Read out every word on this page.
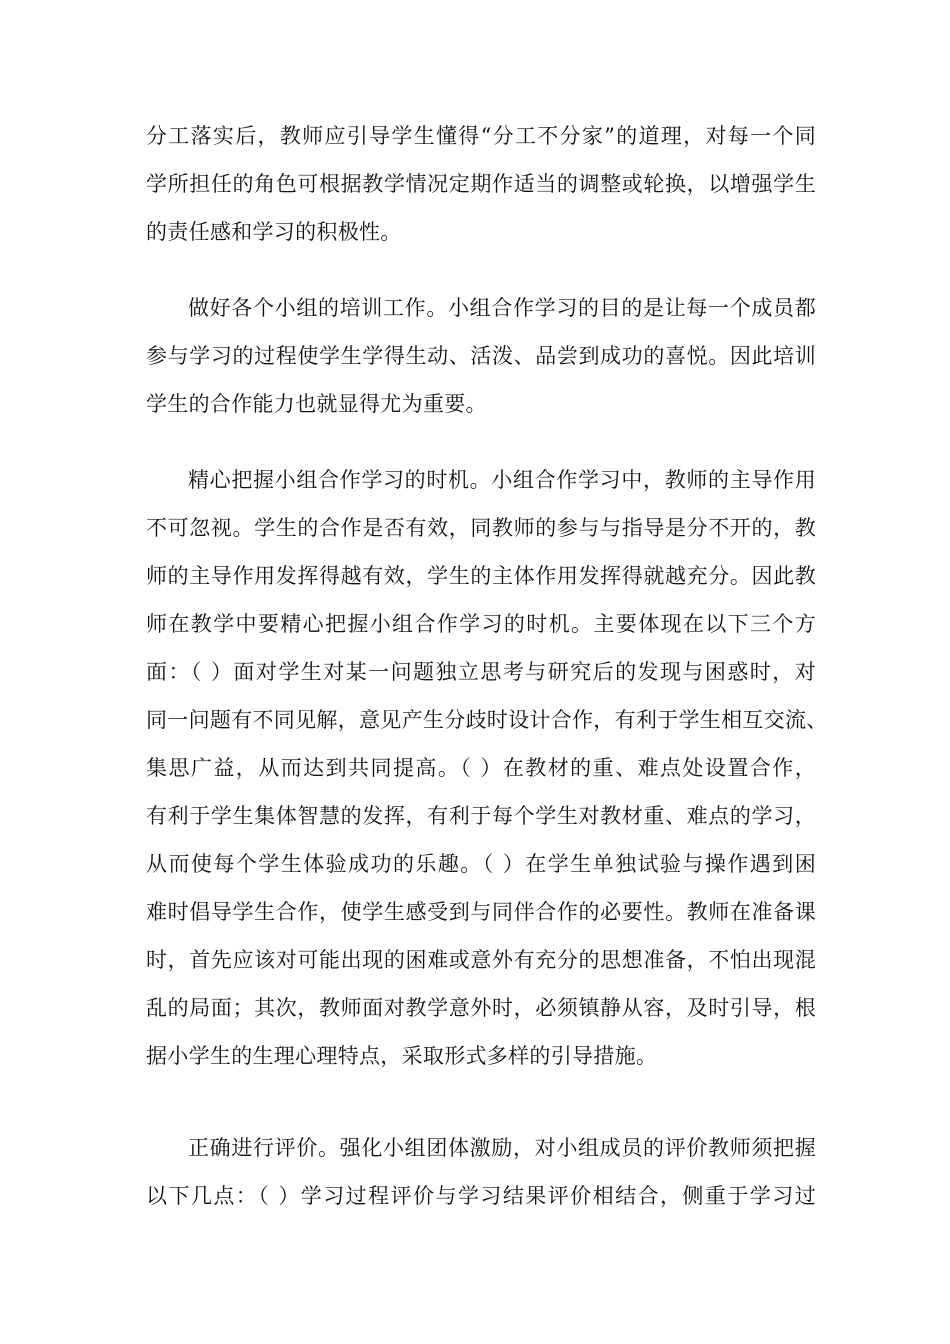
分工落实后，教师应引导学生懂得“分工不分家”的道理，对每一个同
学所担任的角色可根据教学情况定期作适当的调整或轮换，以增强学生
的责任感和学习的积极性。
做好各个小组的培训工作。小组合作学习的目的是让每一个成员都
参与学习的过程使学生学得生动、活泼、品尝到成功的喜悦。因此培训
学生的合作能力也就显得尤为重要。
精心把握小组合作学习的时机。小组合作学习中，教师的主导作用
不可忽视。学生的合作是否有效，同教师的参与与指导是分不开的，教
师的主导作用发挥得越有效，学生的主体作用发挥得就越充分。因此教
师在教学中要精心把握小组合作学习的时机。主要体现在以下三个方
面：（ ）面对学生对某一问题独立思考与研究后的发现与困惑时，对
同一问题有不同见解，意见产生分歧时设计合作，有利于学生相互交流、
集思广益，从而达到共同提高。（ ）在教材的重、难点处设置合作，
有利于学生集体智慧的发挥，有利于每个学生对教材重、难点的学习，
从而使每个学生体验成功的乐趣。（ ）在学生单独试验与操作遇到困
难时倡导学生合作，使学生感受到与同伴合作的必要性。教师在准备课
时，首先应该对可能出现的困难或意外有充分的思想准备，不怕出现混
乱的局面；其次，教师面对教学意外时，必须镇静从容，及时引导，根
据小学生的生理心理特点，采取形式多样的引导措施。
正确进行评价。强化小组团体激励，对小组成员的评价教师须把握
以下几点：（ ）学习过程评价与学习结果评价相结合，侧重于学习过
